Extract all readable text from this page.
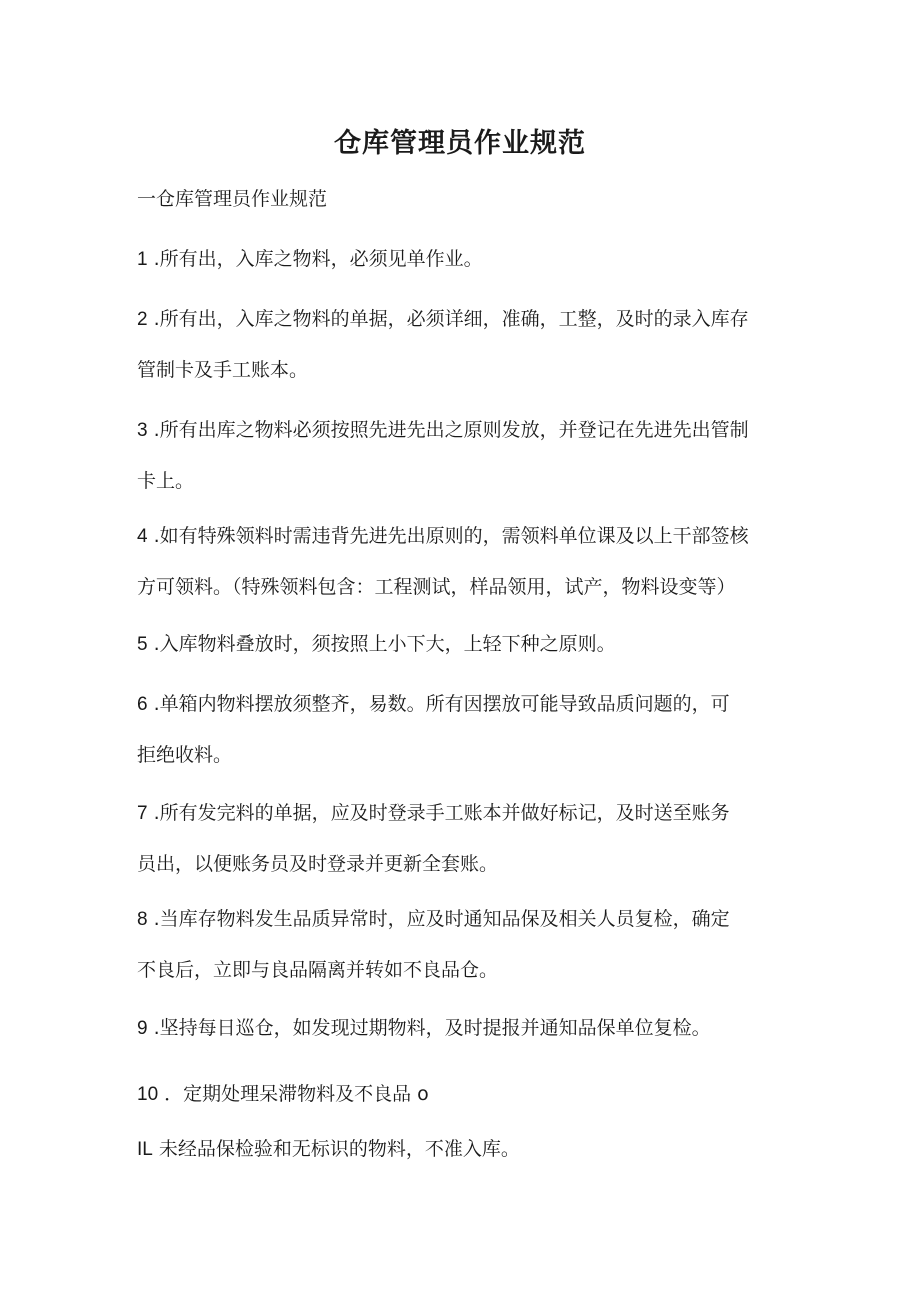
仓库管理员作业规范
一仓库管理员作业规范
1 .所有出，入库之物料，必须见单作业。
2 .所有出，入库之物料的单据，必须详细，准确，工整，及时的录入库存
管制卡及手工账本。
3 .所有出库之物料必须按照先进先出之原则发放，并登记在先进先出管制
卡上。
4 .如有特殊领料时需违背先进先出原则的，需领料单位课及以上干部签核
方可领料。（特殊领料包含：工程测试，样品领用，试产，物料设变等）
5 .入库物料叠放时，须按照上小下大，上轻下种之原则。
6 .单箱内物料摆放须整齐，易数。所有因摆放可能导致品质问题的，可
拒绝收料。
7 .所有发完料的单据，应及时登录手工账本并做好标记，及时送至账务
员出，以便账务员及时登录并更新全套账。
8 .当库存物料发生品质异常时，应及时通知品保及相关人员复检，确定
不良后，立即与良品隔离并转如不良品仓。
9 .坚持每日巡仓，如发现过期物料，及时提报并通知品保单位复检。
10 ．定期处理呆滞物料及不良品 o
IL 未经品保检验和无标识的物料，不准入库。
